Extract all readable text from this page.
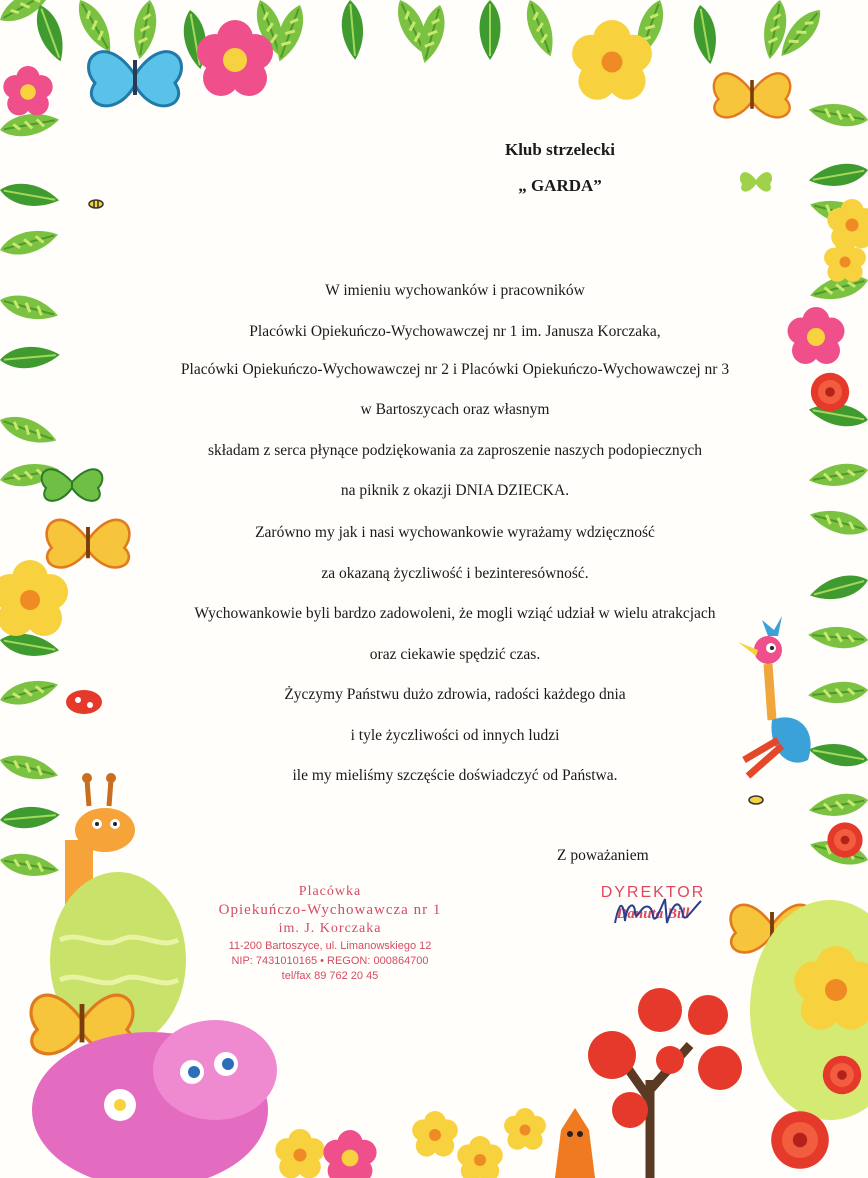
Klub strzelecki
„ GARDA”
W imieniu wychowanków i pracowników
Placówki Opiekuńczo-Wychowawczej nr 1 im. Janusza Korczaka,
Placówki Opiekuńczo-Wychowawczej nr 2 i Placówki Opiekuńczo-Wychowawczej nr 3
w Bartoszycach oraz własnym
składam z serca płynące podziękowania za zaproszenie naszych podopiecznych
na piknik z okazji DNIA DZIECKA.
Zarówno my jak i nasi wychowankowie wyrażamy wdzięczność
za okazaną życzliwość i bezinteresówność.
Wychowankowie byli bardzo zadowoleni, że mogli wziąć udział w wielu atrakcjach
oraz ciekawie spędzić czas.
Życzymy Państwu dużo zdrowia, radości każdego dnia
i tyle życzliwości od innych ludzi
ile my mieliśmy szczęście doświadczyć od Państwa.
Z poważaniem
Placówka
Opiekuńczo-Wychowawcza nr 1
im. J. Korczaka
11-200 Bartoszyce, ul. Limanowskiego 12
NIP: 7431010165 • REGON: 000864700
tel/fax 89 762 20 45
DYREKTOR
Danuta Bill
